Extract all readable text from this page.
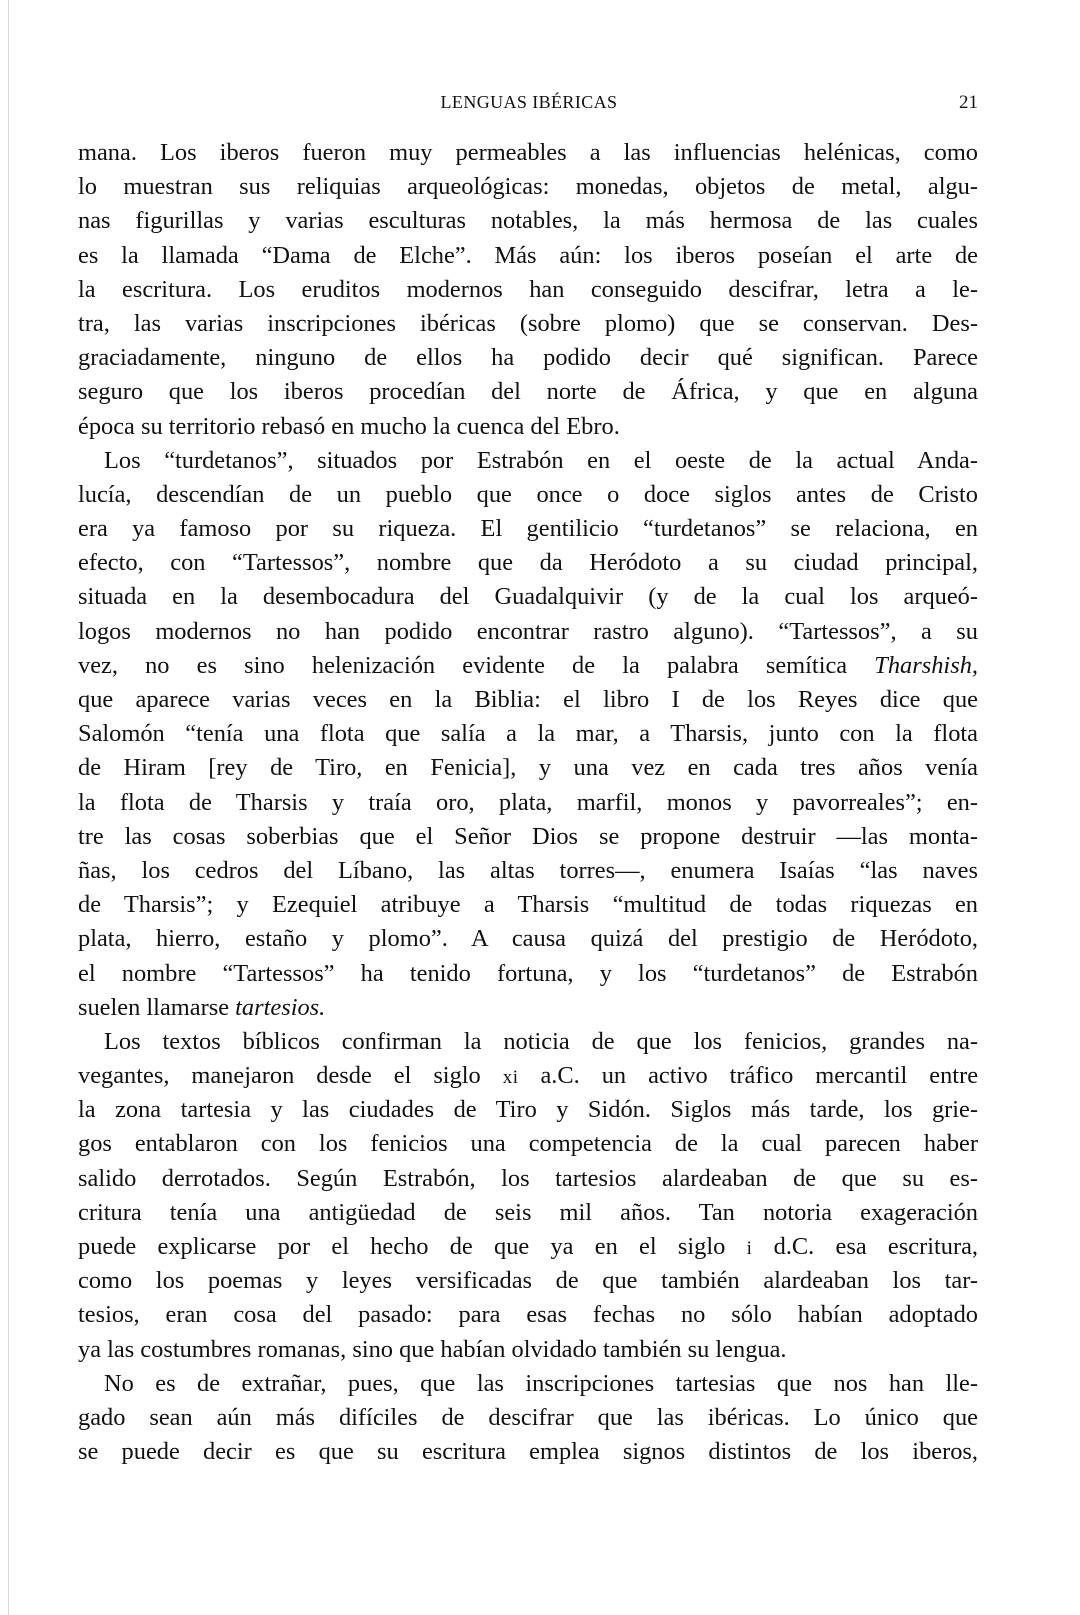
LENGUAS IBÉRICAS	21
mana. Los iberos fueron muy permeables a las influencias helénicas, como
lo muestran sus reliquias arqueológicas: monedas, objetos de metal, algu-
nas figurillas y varias esculturas notables, la más hermosa de las cuales
es la llamada “Dama de Elche”. Más aún: los iberos poseían el arte de
la escritura. Los eruditos modernos han conseguido descifrar, letra a le-
tra, las varias inscripciones ibéricas (sobre plomo) que se conservan. Des-
graciadamente, ninguno de ellos ha podido decir qué significan. Parece
seguro que los iberos procedían del norte de África, y que en alguna
época su territorio rebasó en mucho la cuenca del Ebro.
Los “turdetanos”, situados por Estrabón en el oeste de la actual Anda-
lucía, descendían de un pueblo que once o doce siglos antes de Cristo
era ya famoso por su riqueza. El gentilicio “turdetanos” se relaciona, en
efecto, con “Tartessos”, nombre que da Heródoto a su ciudad principal,
situada en la desembocadura del Guadalquivir (y de la cual los arqueó-
logos modernos no han podido encontrar rastro alguno). “Tartessos”, a su
vez, no es sino helenización evidente de la palabra semítica Tharshish,
que aparece varias veces en la Biblia: el libro I de los Reyes dice que
Salomón “tenía una flota que salía a la mar, a Tharsis, junto con la flota
de Hiram [rey de Tiro, en Fenicia], y una vez en cada tres años venía
la flota de Tharsis y traía oro, plata, marfil, monos y pavorreales”; en-
tre las cosas soberbias que el Señor Dios se propone destruir —las monta-
ñas, los cedros del Líbano, las altas torres—, enumera Isaías “las naves
de Tharsis”; y Ezequiel atribuye a Tharsis “multitud de todas riquezas en
plata, hierro, estaño y plomo”. A causa quizá del prestigio de Heródoto,
el nombre “Tartessos” ha tenido fortuna, y los “turdetanos” de Estrabón
suelen llamarse tartesios.
Los textos bíblicos confirman la noticia de que los fenicios, grandes na-
vegantes, manejaron desde el siglo xi a.C. un activo tráfico mercantil entre
la zona tartesia y las ciudades de Tiro y Sidón. Siglos más tarde, los grie-
gos entablaron con los fenicios una competencia de la cual parecen haber
salido derrotados. Según Estrabón, los tartesios alardeaban de que su es-
critura tenía una antigüedad de seis mil años. Tan notoria exageración
puede explicarse por el hecho de que ya en el siglo i d.C. esa escritura,
como los poemas y leyes versificadas de que también alardeaban los tar-
tesios, eran cosa del pasado: para esas fechas no sólo habían adoptado
ya las costumbres romanas, sino que habían olvidado también su lengua.
No es de extrañar, pues, que las inscripciones tartesias que nos han lle-
gado sean aún más difíciles de descifrar que las ibéricas. Lo único que
se puede decir es que su escritura emplea signos distintos de los iberos,
